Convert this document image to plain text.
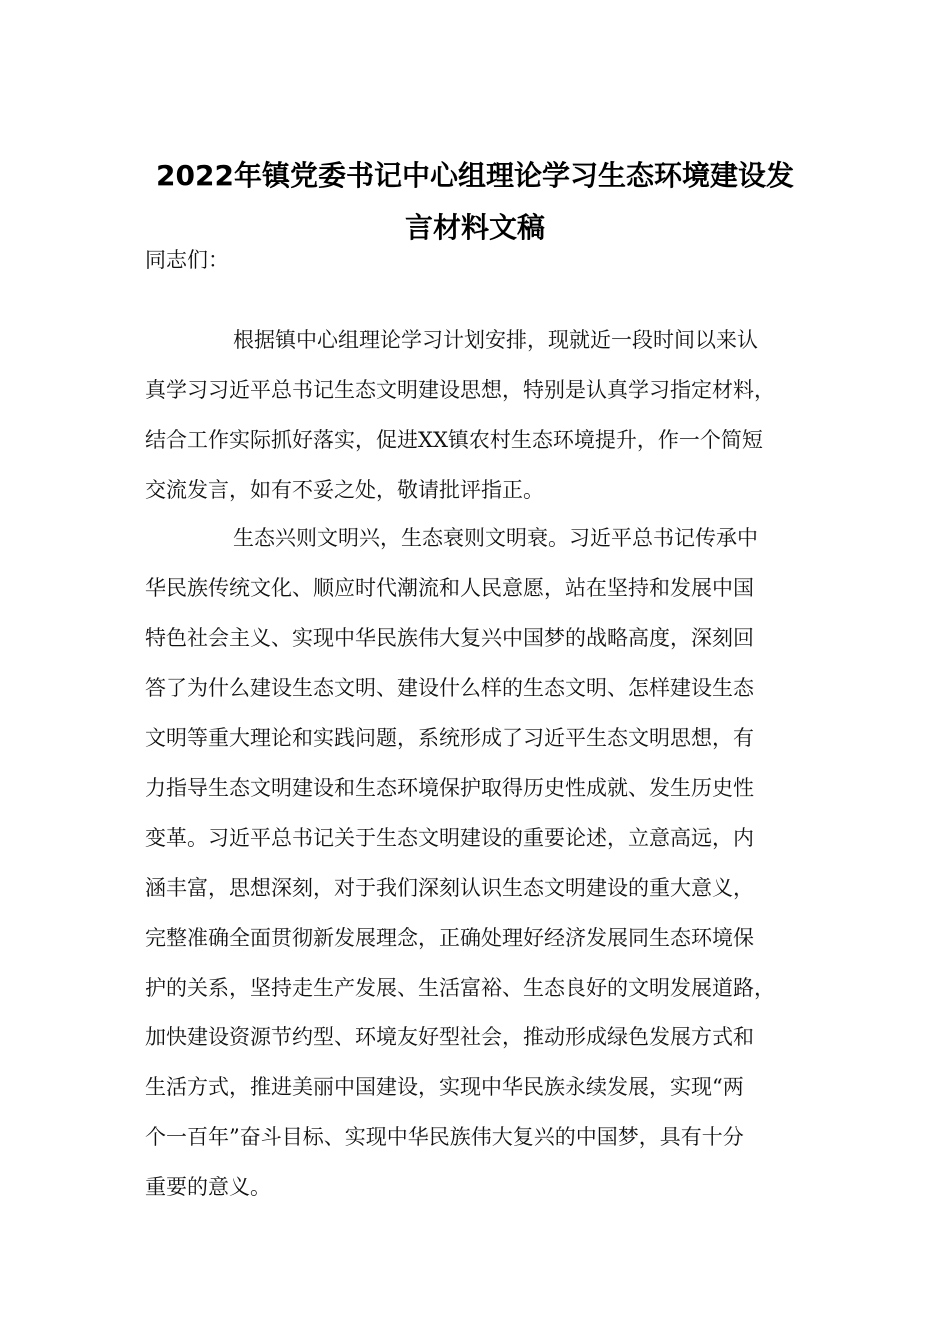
2022年镇党委书记中心组理论学习生态环境建设发
言材料文稿
同志们：
根据镇中心组理论学习计划安排，现就近一段时间以来认
真学习习近平总书记生态文明建设思想，特别是认真学习指定材料，
结合工作实际抓好落实，促进XX镇农村生态环境提升，作一个简短
交流发言，如有不妥之处，敬请批评指正。
生态兴则文明兴，生态衰则文明衰。习近平总书记传承中
华民族传统文化、顺应时代潮流和人民意愿，站在坚持和发展中国
特色社会主义、实现中华民族伟大复兴中国梦的战略高度，深刻回
答了为什么建设生态文明、建设什么样的生态文明、怎样建设生态
文明等重大理论和实践问题，系统形成了习近平生态文明思想，有
力指导生态文明建设和生态环境保护取得历史性成就、发生历史性
变革。习近平总书记关于生态文明建设的重要论述，立意高远，内
涵丰富，思想深刻，对于我们深刻认识生态文明建设的重大意义，
完整准确全面贯彻新发展理念，正确处理好经济发展同生态环境保
护的关系，坚持走生产发展、生活富裕、生态良好的文明发展道路，
加快建设资源节约型、环境友好型社会，推动形成绿色发展方式和
生活方式，推进美丽中国建设，实现中华民族永续发展，实现“两
个一百年”奋斗目标、实现中华民族伟大复兴的中国梦，具有十分
重要的意义。
